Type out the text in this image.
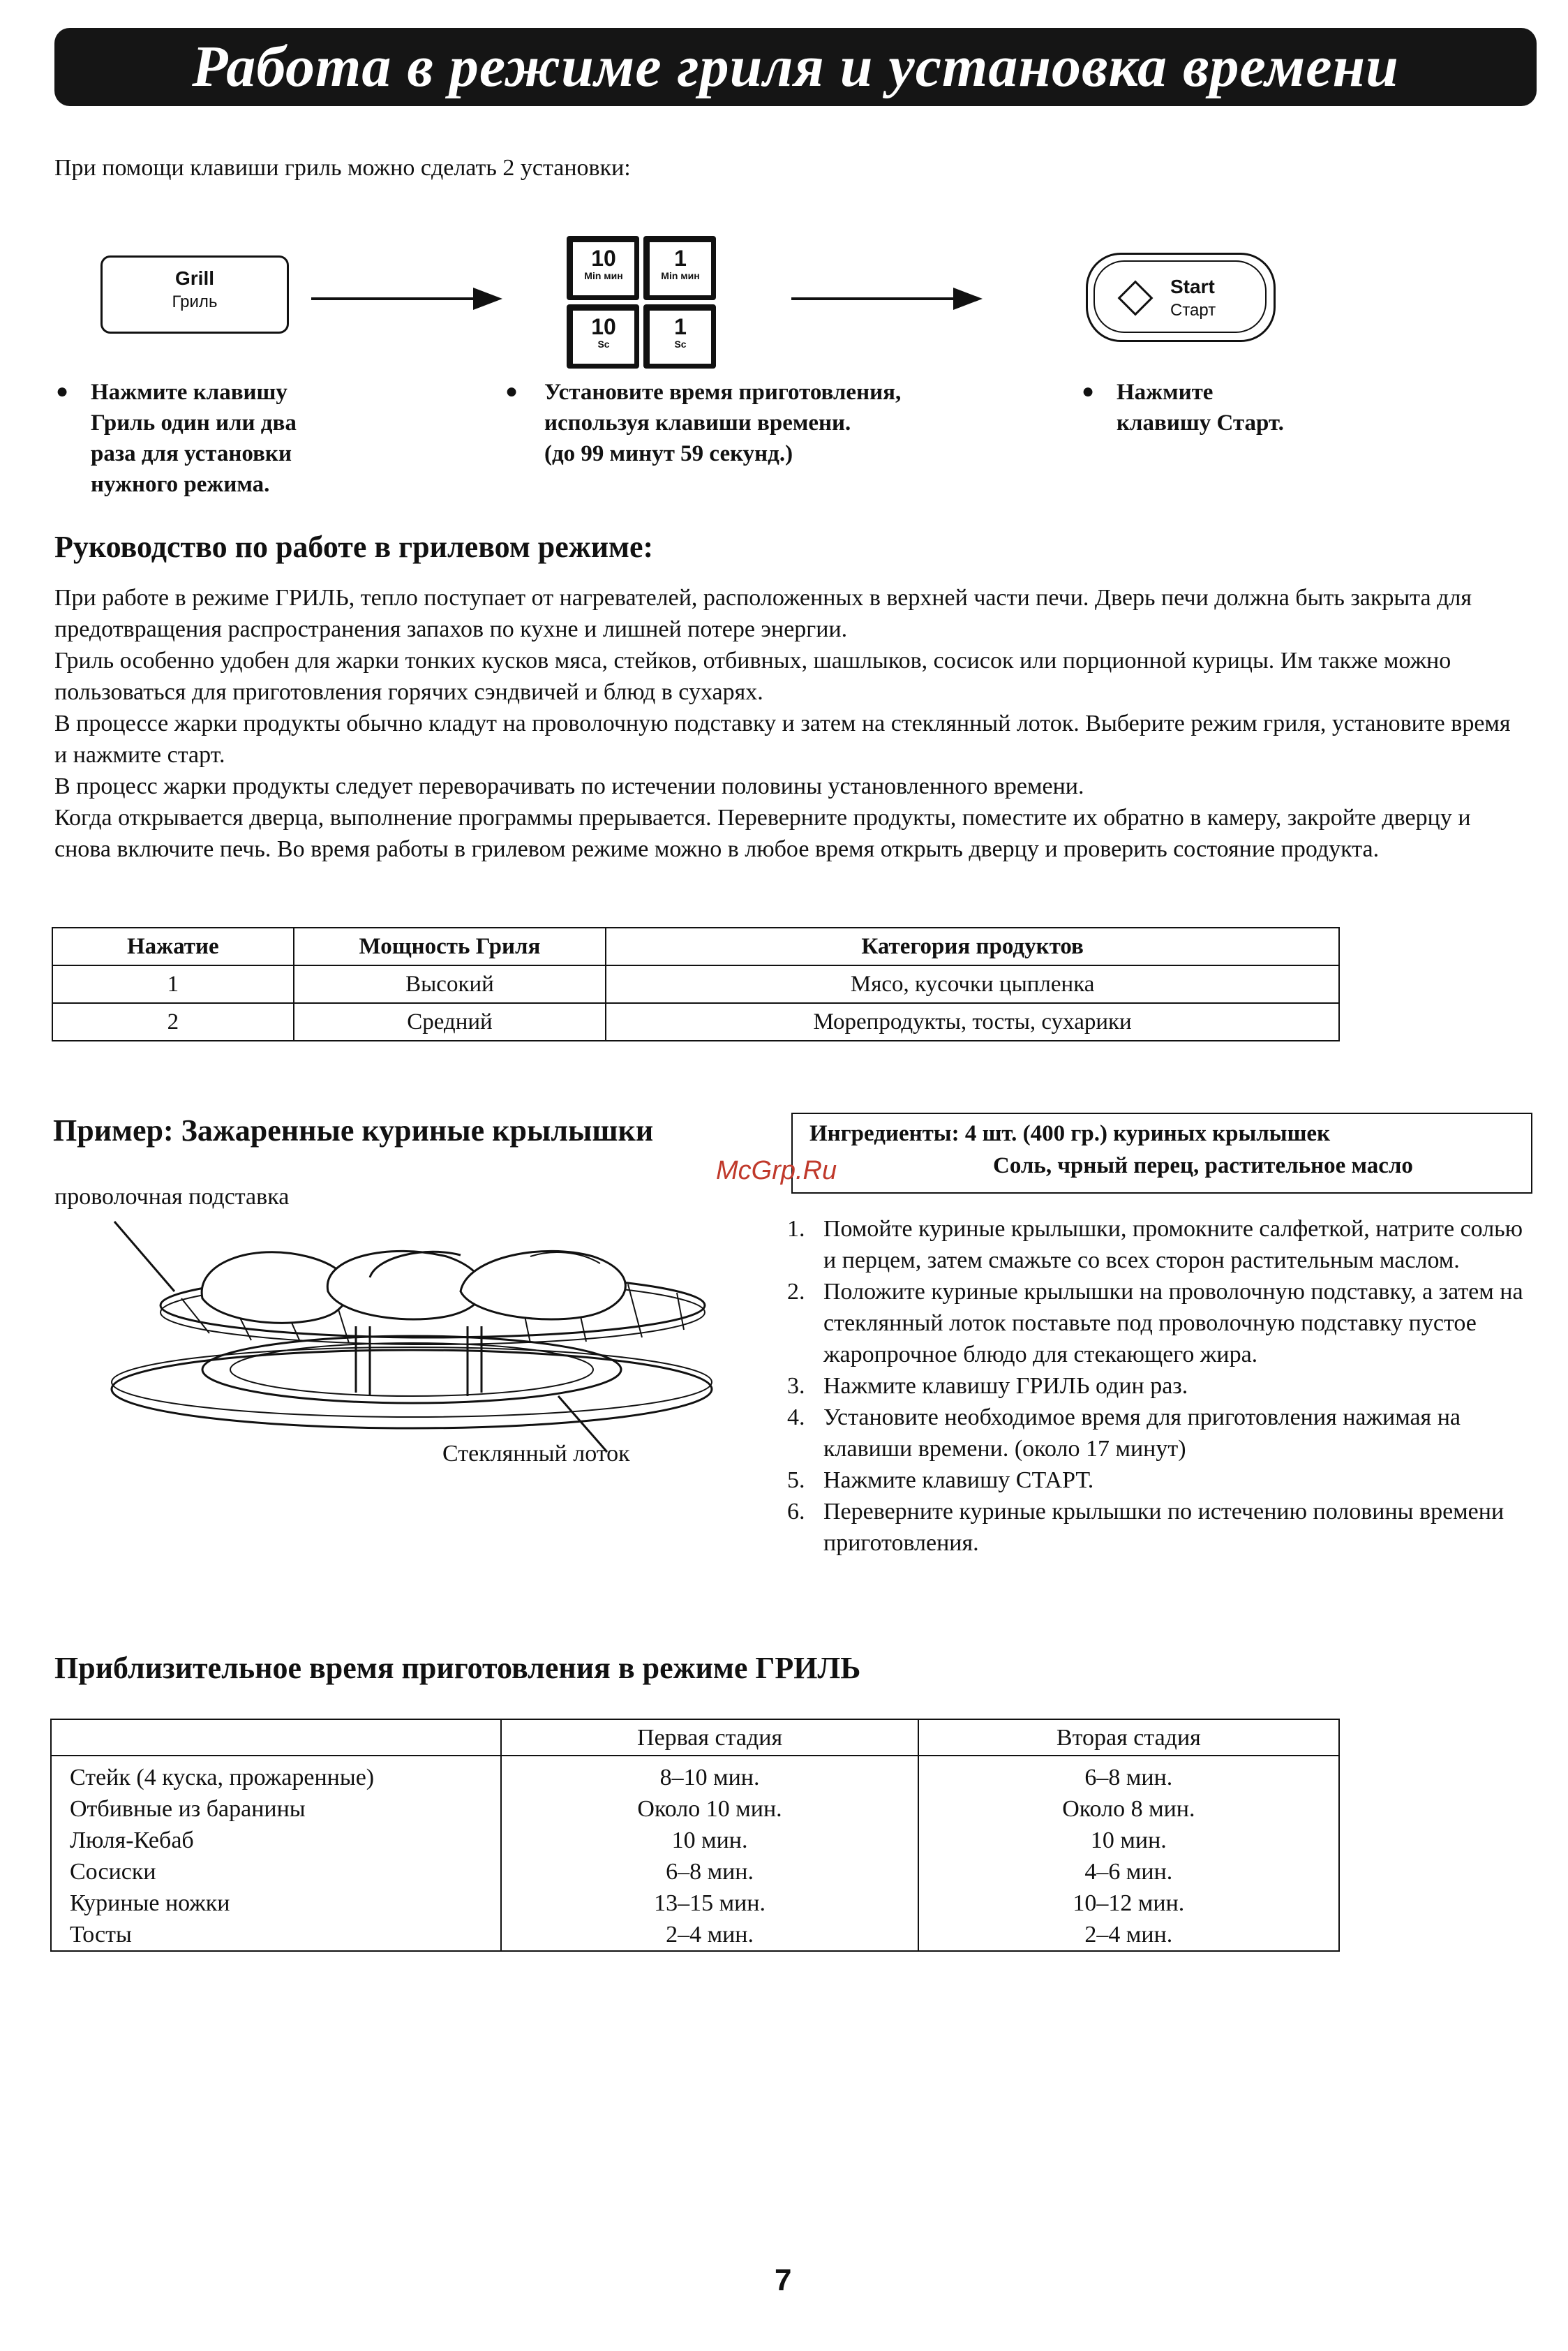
Работа в режиме гриля и установка времени
При помощи клавиши гриль можно сделать 2 установки:
Grill
Гриль
10
Min мин
1
Min мин
10
Sc
1
Sc
Start
Старт
● Нажмите клавишу
Гриль один или два
раза для установки
нужного режима.
● Установите время приготовления,
используя клавиши времени.
(до 99 минут 59 секунд.)
● Нажмите
клавишу Старт.
Руководство по работе в грилевом режиме:

При работе в режиме ГРИЛЬ, тепло поступает от нагревателей, расположенных в верхней части печи. Дверь печи должна быть закрыта для предотвращения распространения запахов по кухне и лишней потере энергии.

Гриль особенно удобен для жарки тонких кусков мяса, стейков, отбивных, шашлыков, сосисок или порционной курицы. Им также можно пользоваться для приготовления горячих сэндвичей и блюд в сухарях.

В процессе жарки продукты обычно кладут на проволочную подставку и затем на стеклянный лоток. Выберите режим гриля, установите время и нажмите старт.

В процесс жарки продукты следует переворачивать по истечении половины установленного времени.

Когда открывается дверца, выполнение программы прерывается. Переверните продукты, поместите их обратно в камеру, закройте дверцу и снова включите печь. Во время работы в грилевом режиме можно в любое время открыть дверцу и проверить состояние продукта.

Нажатие	Мощность Гриля	Категория продуктов
1	Высокий	Мясо, кусочки цыпленка
2	Средний	Морепродукты, тосты, сухарики
Пример: Зажаренные куриные крылышки	Ингредиенты: 4 шт. (400 гр.) куриных крылышек
Соль, чрный перец, растительное масло
McGrp.Ru
проволочная подставка
Стеклянный лоток
1. Помойте куриные крылышки, промокните салфеткой, натрите солью и перцем, затем смажьте со всех сторон растительным маслом.
2. Положите куриные крылышки на проволочную подставку, а затем на стеклянный лоток поставьте под проволочную подставку пустое жаропрочное блюдо для стекающего жира.
3. Нажмите клавишу ГРИЛЬ один раз.
4. Установите необходимое время для приготовления нажимая на клавиши времени. (около 17 минут)
5. Нажмите клавишу СТАРТ.
6. Переверните куриные крылышки по истечению половины времени приготовления.
Приблизительное время приготовления в режиме ГРИЛЬ
	Первая стадия	Вторая стадия
Стейк (4 куска, прожаренные)	8–10 мин.	6–8 мин.
Отбивные из баранины	Около 10 мин.	Около 8 мин.
Люля-Кебаб	10 мин.	10 мин.
Сосиски	6–8 мин.	4–6 мин.
Куриные ножки	13–15 мин.	10–12 мин.
Тосты	2–4 мин.	2–4 мин.
7
